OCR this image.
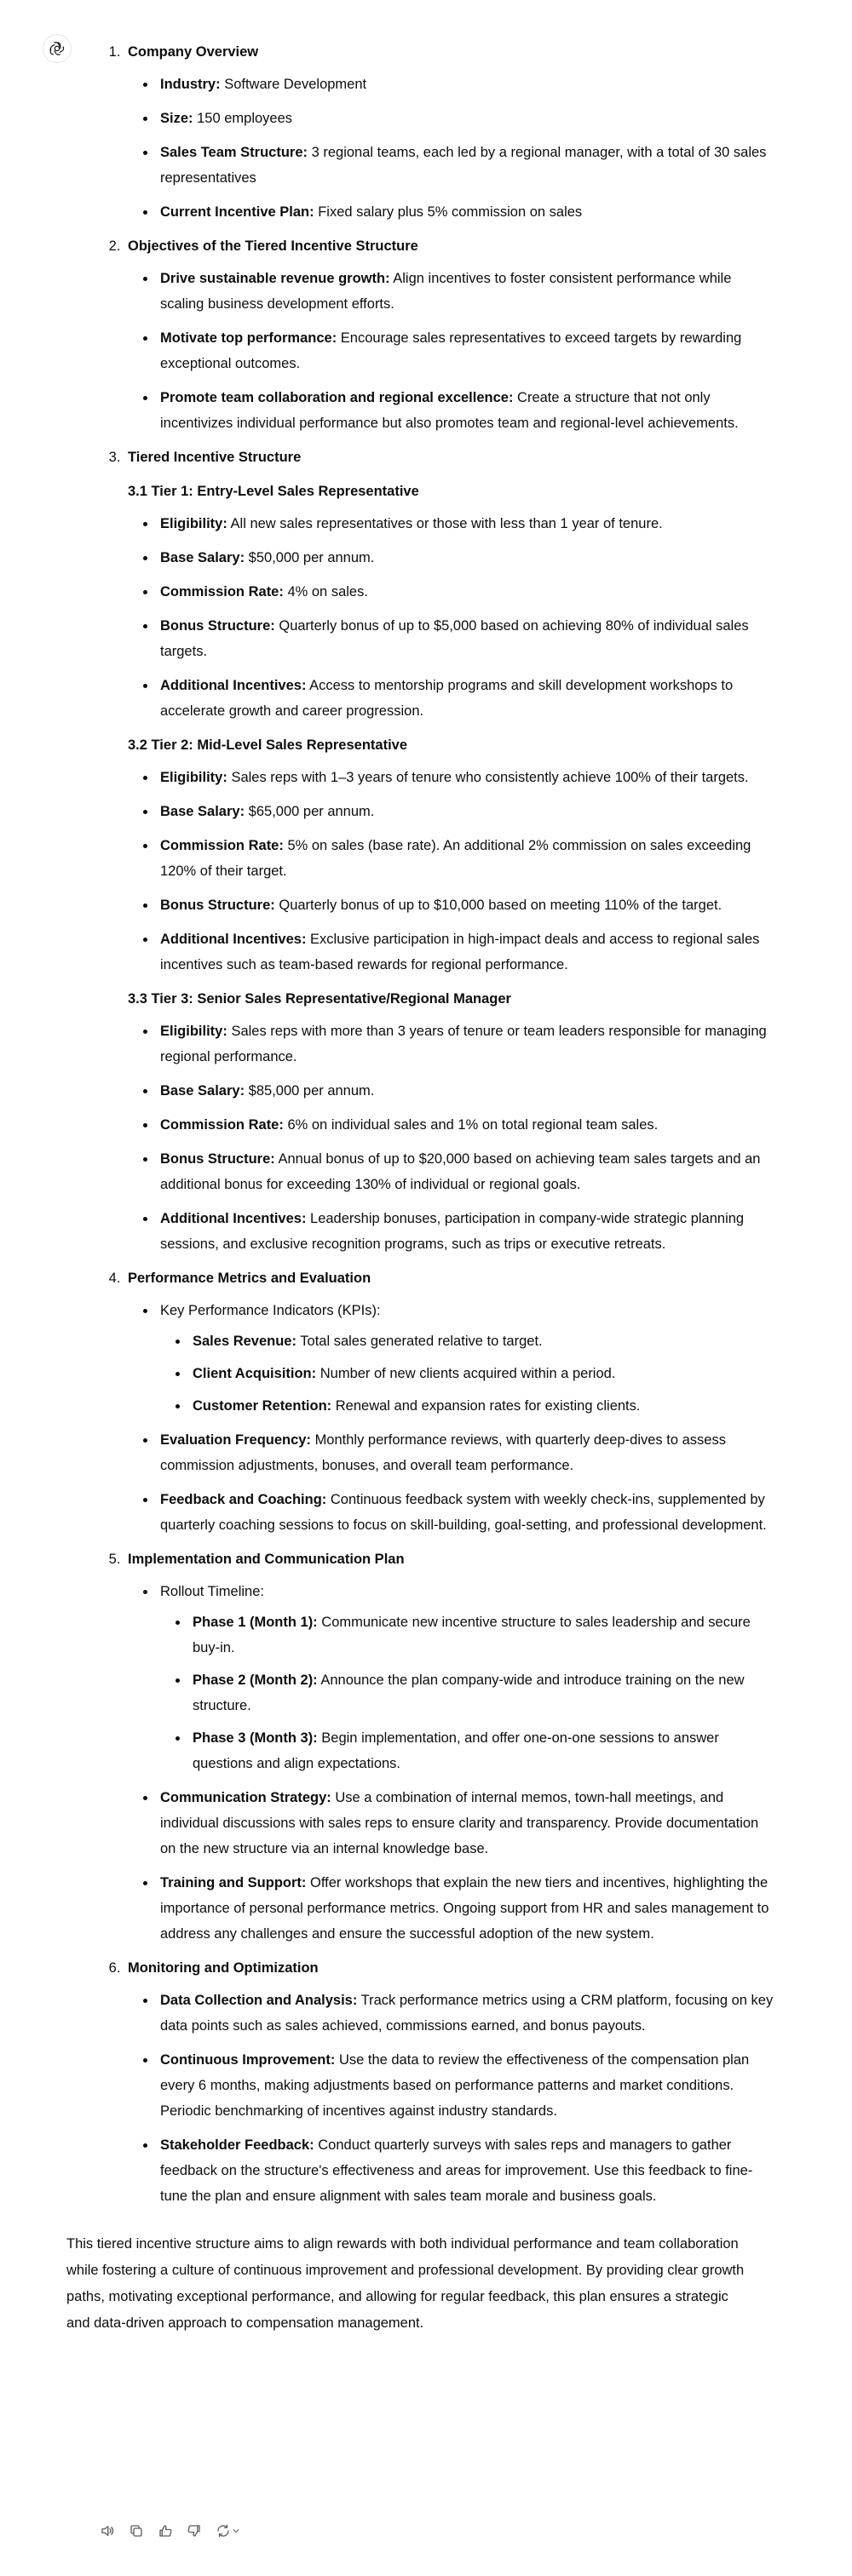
1. Company Overview
• Industry: Software Development
• Size: 150 employees
• Sales Team Structure: 3 regional teams, each led by a regional manager, with a total of 30 sales representatives
• Current Incentive Plan: Fixed salary plus 5% commission on sales
2. Objectives of the Tiered Incentive Structure
• Drive sustainable revenue growth: Align incentives to foster consistent performance while scaling business development efforts.
• Motivate top performance: Encourage sales representatives to exceed targets by rewarding exceptional outcomes.
• Promote team collaboration and regional excellence: Create a structure that not only incentivizes individual performance but also promotes team and regional-level achievements.
3. Tiered Incentive Structure
3.1 Tier 1: Entry-Level Sales Representative
• Eligibility: All new sales representatives or those with less than 1 year of tenure.
• Base Salary: $50,000 per annum.
• Commission Rate: 4% on sales.
• Bonus Structure: Quarterly bonus of up to $5,000 based on achieving 80% of individual sales targets.
• Additional Incentives: Access to mentorship programs and skill development workshops to accelerate growth and career progression.
3.2 Tier 2: Mid-Level Sales Representative
• Eligibility: Sales reps with 1–3 years of tenure who consistently achieve 100% of their targets.
• Base Salary: $65,000 per annum.
• Commission Rate: 5% on sales (base rate). An additional 2% commission on sales exceeding 120% of their target.
• Bonus Structure: Quarterly bonus of up to $10,000 based on meeting 110% of the target.
• Additional Incentives: Exclusive participation in high-impact deals and access to regional sales incentives such as team-based rewards for regional performance.
3.3 Tier 3: Senior Sales Representative/Regional Manager
• Eligibility: Sales reps with more than 3 years of tenure or team leaders responsible for managing regional performance.
• Base Salary: $85,000 per annum.
• Commission Rate: 6% on individual sales and 1% on total regional team sales.
• Bonus Structure: Annual bonus of up to $20,000 based on achieving team sales targets and an additional bonus for exceeding 130% of individual or regional goals.
• Additional Incentives: Leadership bonuses, participation in company-wide strategic planning sessions, and exclusive recognition programs, such as trips or executive retreats.
4. Performance Metrics and Evaluation
• Key Performance Indicators (KPIs):
• Sales Revenue: Total sales generated relative to target.
• Client Acquisition: Number of new clients acquired within a period.
• Customer Retention: Renewal and expansion rates for existing clients.
• Evaluation Frequency: Monthly performance reviews, with quarterly deep-dives to assess commission adjustments, bonuses, and overall team performance.
• Feedback and Coaching: Continuous feedback system with weekly check-ins, supplemented by quarterly coaching sessions to focus on skill-building, goal-setting, and professional development.
5. Implementation and Communication Plan
• Rollout Timeline:
• Phase 1 (Month 1): Communicate new incentive structure to sales leadership and secure buy-in.
• Phase 2 (Month 2): Announce the plan company-wide and introduce training on the new structure.
• Phase 3 (Month 3): Begin implementation, and offer one-on-one sessions to answer questions and align expectations.
• Communication Strategy: Use a combination of internal memos, town-hall meetings, and individual discussions with sales reps to ensure clarity and transparency. Provide documentation on the new structure via an internal knowledge base.
• Training and Support: Offer workshops that explain the new tiers and incentives, highlighting the importance of personal performance metrics. Ongoing support from HR and sales management to address any challenges and ensure the successful adoption of the new system.
6. Monitoring and Optimization
• Data Collection and Analysis: Track performance metrics using a CRM platform, focusing on key data points such as sales achieved, commissions earned, and bonus payouts.
• Continuous Improvement: Use the data to review the effectiveness of the compensation plan every 6 months, making adjustments based on performance patterns and market conditions. Periodic benchmarking of incentives against industry standards.
• Stakeholder Feedback: Conduct quarterly surveys with sales reps and managers to gather feedback on the structure's effectiveness and areas for improvement. Use this feedback to fine-tune the plan and ensure alignment with sales team morale and business goals.

This tiered incentive structure aims to align rewards with both individual performance and team collaboration while fostering a culture of continuous improvement and professional development. By providing clear growth paths, motivating exceptional performance, and allowing for regular feedback, this plan ensures a strategic and data-driven approach to compensation management.
